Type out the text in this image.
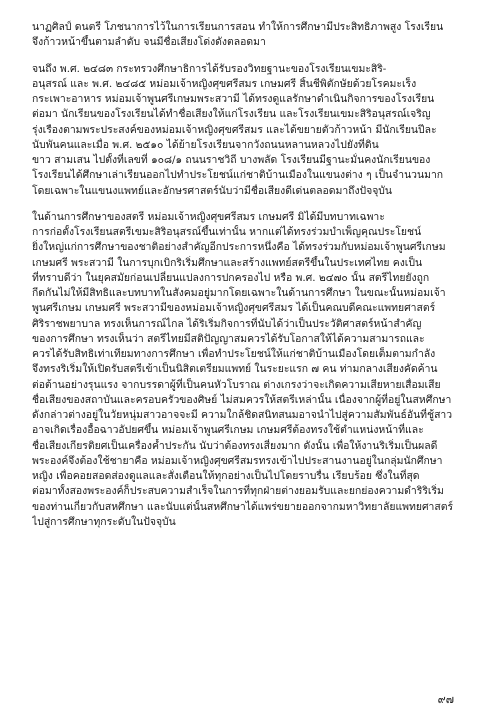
นาฏศิลป์ ดนตรี โภชนาการไว้ในการเรียนการสอน ทำให้การศึกษามีประสิทธิภาพสูง โรงเรียน
จึงก้าวหน้าขึ้นตามลำดับ จนมีชื่อเสียงโด่งดังตลอดมา
จนถึง พ.ศ. ๒๔๘๓ กระทรวงศึกษาธิการได้รับรองวิทยฐานะของโรงเรียนเขมะสิริ-
อนุสรณ์ และ พ.ศ. ๒๔๘๕ หม่อมเจ้าหญิงศุขศรีสมร เกษมศรี สิ้นชีพิตักษัยด้วยโรคมะเร็ง
กระเพาะอาหาร หม่อมเจ้าพูนศรีเกษมพระสวามี ได้ทรงดูแลรักษาดำเนินกิจการของโรงเรียน
ต่อมา นักเรียนของโรงเรียนได้ทำชื่อเสียงให้แก่โรงเรียน และโรงเรียนเขมะสิริอนุสรณ์เจริญ
รุ่งเรืองตามพระประสงค์ของหม่อมเจ้าหญิงศุขศรีสมร และได้ขยายตัวก้าวหน้า มีนักเรียนปีละ
นับพันคนและเมื่อ พ.ศ. ๒๕๑๐ ได้ย้ายโรงเรียนจากวังถนนหลานหลวงไปยังที่ดิน
ขาว สามเสน ไปตั้งที่เลขที่ ๑๐๘/๑ ถนนราชวิถี บางพลัด โรงเรียนมีฐานะมั่นคงนักเรียนของ
โรงเรียนได้ศึกษาเล่าเรียนออกไปทำประโยชน์แก่ชาติบ้านเมืองในแขนงต่าง ๆ เป็นจำนวนมาก
โดยเฉพาะในแขนงแพทย์และอักษรศาสตร์นับว่ามีชื่อเสียงดีเด่นตลอดมาถึงปัจจุบัน
ในด้านการศึกษาของสตรี หม่อมเจ้าหญิงศุขศรีสมร เกษมศรี มิได้มีบทบาทเฉพาะ
การก่อตั้งโรงเรียนสตรีเขมะสิริอนุสรณ์ขึ้นเท่านั้น หากแต่ได้ทรงร่วมบำเพ็ญคุณประโยชน์
ยิ่งใหญ่แก่การศึกษาของชาติอย่างสำคัญอีกประการหนึ่งคือ ได้ทรงร่วมกับหม่อมเจ้าพูนศรีเกษม
เกษมศรี พระสวามี ในการบุกเบิกริเริ่มศึกษาและสร้างแพทย์สตรีขึ้นในประเทศไทย คงเป็น
ที่ทราบดีว่า ในยุคสมัยก่อนเปลี่ยนแปลงการปกครองไป หรือ พ.ศ. ๒๔๗๐ นั้น สตรีไทยยังถูก
กีดกันไม่ให้มีสิทธิและบทบาทในสังคมอยู่มากโดยเฉพาะในด้านการศึกษา ในขณะนั้นหม่อมเจ้า
พูนศรีเกษม เกษมศรี พระสวามีของหม่อมเจ้าหญิงศุขศรีสมร ได้เป็นคณบดีคณะแพทยศาสตร์
ศิริราชพยาบาล ทรงเห็นการณ์ไกล ได้ริเริ่มกิจการที่นับได้ว่าเป็นประวัติศาสตร์หน้าสำคัญ
ของการศึกษา ทรงเห็นว่า สตรีไทยมีสติปัญญาสมควรได้รับโอกาสให้ได้ความสามารถและ
ควรได้รับสิทธิเท่าเทียมทางการศึกษา เพื่อทำประโยชน์ให้แก่ชาติบ้านเมืองโดยเต็มตามกำลัง
จึงทรงริเริ่มให้เปิดรับสตรีเข้าเป็นนิสิตเตรียมแพทย์ ในระยะแรก ๗ คน ท่ามกลางเสียงคัดค้าน
ต่อต้านอย่างรุนแรง จากบรรดาผู้ที่เป็นคนหัวโบราณ ต่างเกรงว่าจะเกิดความเสียหายเสื่อมเสีย
ชื่อเสียงของสถาบันและครอบครัวของศิษย์ ไม่สมควรให้สตรีเหล่านั้น เนื่องจากผู้ที่อยู่ในสหศึกษา
ดังกล่าวต่างอยู่ในวัยหนุ่มสาวอาจจะมี ความใกล้ชิดสนิทสนมอาจนำไปสู่ความสัมพันธ์อันที่ชู้สาว
อาจเกิดเรื่องอื้อฉาวอัปยศขึ้น หม่อมเจ้าพูนศรีเกษม เกษมศรีต้องทรงใช้ตำแหน่งหน้าที่และ
ชื่อเสียงเกียรติยศเป็นเครื่องค้ำประกัน นับว่าต้องทรงเสี่ยงมาก ดังนั้น เพื่อให้งานริเริ่มเป็นผลดี
พระองค์จึงต้องใช้ชายาคือ หม่อมเจ้าหญิงศุขศรีสมรทรงเข้าไปประสานงานอยู่ในกลุ่มนักศึกษา
หญิง เพื่อคอยสอดส่องดูแลและสั่งเตือนให้ทุกอย่างเป็นไปโดยราบรื่น เรียบร้อย ซึ่งในที่สุด
ต่อมาทั้งสองพระองค์ก็ประสบความสำเร็จในการที่ทุกฝ่ายต่างยอมรับและยกย่องความดำริริเริ่ม
ของท่านเกี่ยวกับสหศึกษา และนับแต่นั้นสหศึกษาได้แพร่ขยายออกจากมหาวิทยาลัยแพทยศาสตร์
ไปสู่การศึกษาทุกระดับในปัจจุบัน
๙๗
